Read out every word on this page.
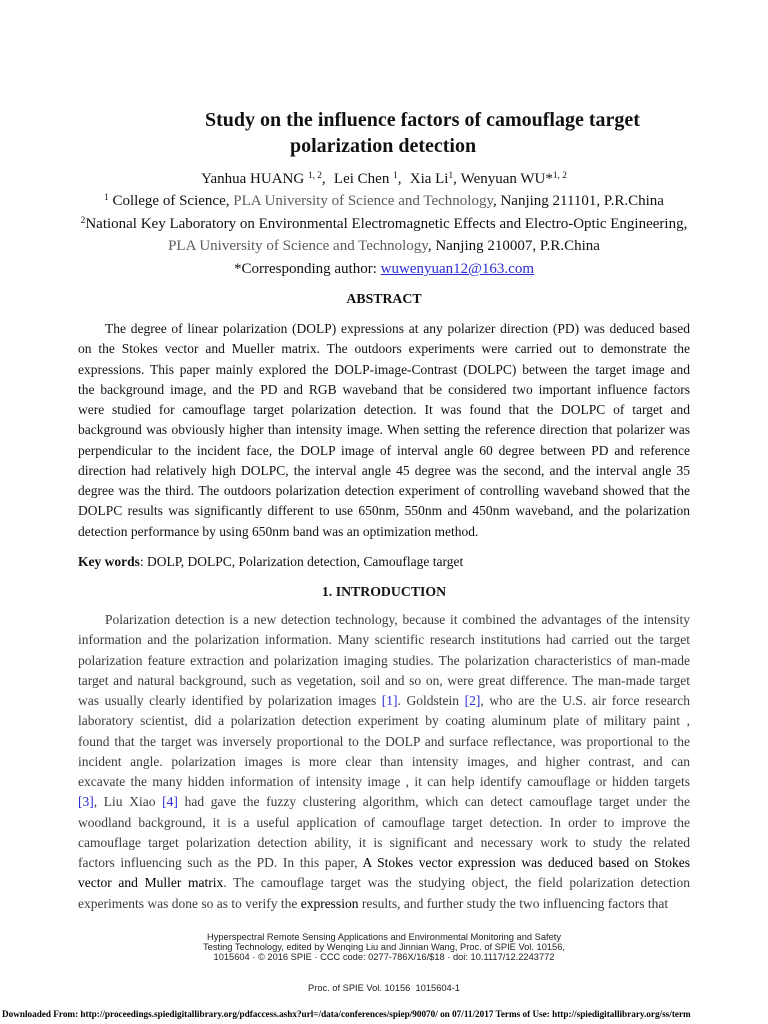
Study on the influence factors of camouflage target
polarization detection
Yanhua HUANG $^{1, 2}$, Lei Chen $^1$, Xia Li$^1$, Wenyuan WU*$^{1, 2}$
$^1$ College of Science, PLA University of Science and Technology, Nanjing 211101, P.R.China
$^2$National Key Laboratory on Environmental Electromagnetic Effects and Electro-Optic Engineering,
PLA University of Science and Technology, Nanjing 210007, P.R.China
*Corresponding author: wuwenyuan12@163.com
ABSTRACT
The degree of linear polarization (DOLP) expressions at any polarizer direction (PD) was deduced based
on the Stokes vector and Mueller matrix. The outdoors experiments were carried out to demonstrate the
expressions. This paper mainly explored the DOLP-image-Contrast (DOLPC) between the target image and
the background image, and the PD and RGB waveband that be considered two important influence factors
were studied for camouflage target polarization detection. It was found that the DOLPC of target and
background was obviously higher than intensity image. When setting the reference direction that polarizer was
perpendicular to the incident face, the DOLP image of interval angle 60 degree between PD and reference
direction had relatively high DOLPC, the interval angle 45 degree was the second, and the interval angle 35
degree was the third. The outdoors polarization detection experiment of controlling waveband showed that the
DOLPC results was significantly different to use 650nm, 550nm and 450nm waveband, and the polarization
detection performance by using 650nm band was an optimization method.
Key words: DOLP, DOLPC, Polarization detection, Camouflage target
1. INTRODUCTION
Polarization detection is a new detection technology, because it combined the advantages of the intensity
information and the polarization information. Many scientific research institutions had carried out the target
polarization feature extraction and polarization imaging studies. The polarization characteristics of man-made
target and natural background, such as vegetation, soil and so on, were great difference. The man-made target
was usually clearly identified by polarization images [1]. Goldstein [2], who are the U.S. air force research
laboratory scientist, did a polarization detection experiment by coating aluminum plate of military paint ,
found that the target was inversely proportional to the DOLP and surface reflectance, was proportional to the
incident angle. polarization images is more clear than intensity images, and higher contrast, and can
excavate the many hidden information of intensity image , it can help identify camouflage or hidden targets
[3], Liu Xiao [4] had gave the fuzzy clustering algorithm, which can detect camouflage target under the
woodland background, it is a useful application of camouflage target detection. In order to improve the
camouflage target polarization detection ability, it is significant and necessary work to study the related
factors influencing such as the PD. In this paper, A Stokes vector expression was deduced based on Stokes
vector and Muller matrix. The camouflage target was the studying object, the field polarization detection
experiments was done so as to verify the expression results, and further study the two influencing factors that
Hyperspectral Remote Sensing Applications and Environmental Monitoring and Safety
Testing Technology, edited by Wenqing Liu and Jinnian Wang, Proc. of SPIE Vol. 10156,
1015604 · © 2016 SPIE · CCC code: 0277-786X/16/$18 · doi: 10.1117/12.2243772
Proc. of SPIE Vol. 10156  1015604-1
Downloaded From: http://proceedings.spiedigitallibrary.org/pdfaccess.ashx?url=/data/conferences/spiep/90070/ on 07/11/2017 Terms of Use: http://spiedigitallibrary.org/ss/term
